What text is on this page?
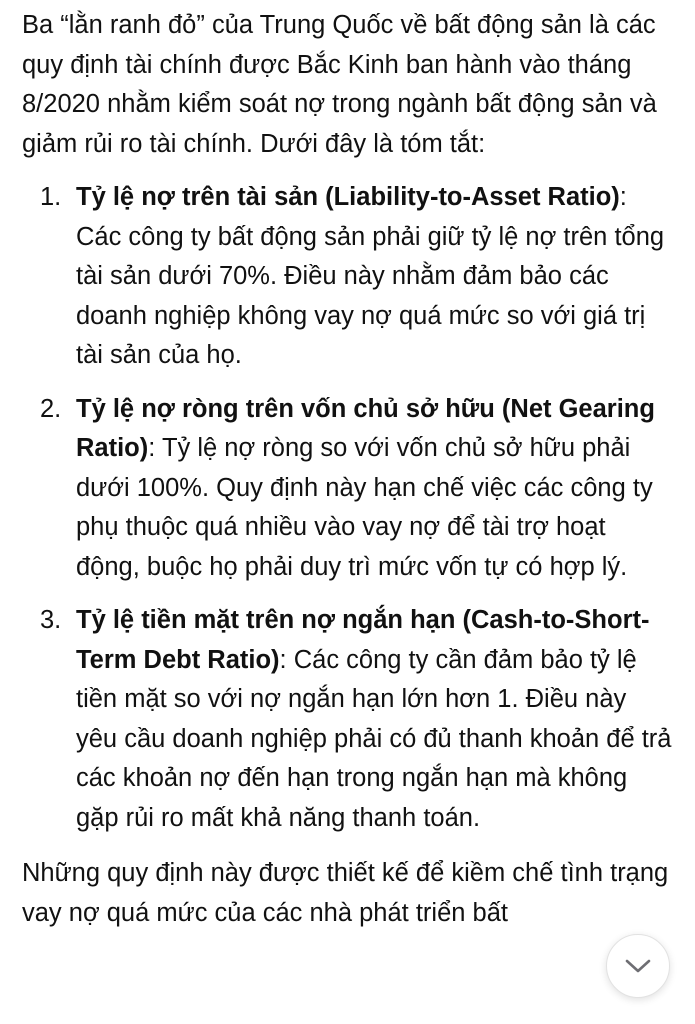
Ba “lằn ranh đỏ” của Trung Quốc về bất động sản là các quy định tài chính được Bắc Kinh ban hành vào tháng 8/2020 nhằm kiểm soát nợ trong ngành bất động sản và giảm rủi ro tài chính. Dưới đây là tóm tắt:

1. Tỷ lệ nợ trên tài sản (Liability-to-Asset Ratio): Các công ty bất động sản phải giữ tỷ lệ nợ trên tổng tài sản dưới 70%. Điều này nhằm đảm bảo các doanh nghiệp không vay nợ quá mức so với giá trị tài sản của họ.
2. Tỷ lệ nợ ròng trên vốn chủ sở hữu (Net Gearing Ratio): Tỷ lệ nợ ròng so với vốn chủ sở hữu phải dưới 100%. Quy định này hạn chế việc các công ty phụ thuộc quá nhiều vào vay nợ để tài trợ hoạt động, buộc họ phải duy trì mức vốn tự có hợp lý.
3. Tỷ lệ tiền mặt trên nợ ngắn hạn (Cash-to-Short-Term Debt Ratio): Các công ty cần đảm bảo tỷ lệ tiền mặt so với nợ ngắn hạn lớn hơn 1. Điều này yêu cầu doanh nghiệp phải có đủ thanh khoản để trả các khoản nợ đến hạn trong ngắn hạn mà không gặp rủi ro mất khả năng thanh toán.

Những quy định này được thiết kế để kiềm chế tình trạng vay nợ quá mức của các nhà phát triển bất
